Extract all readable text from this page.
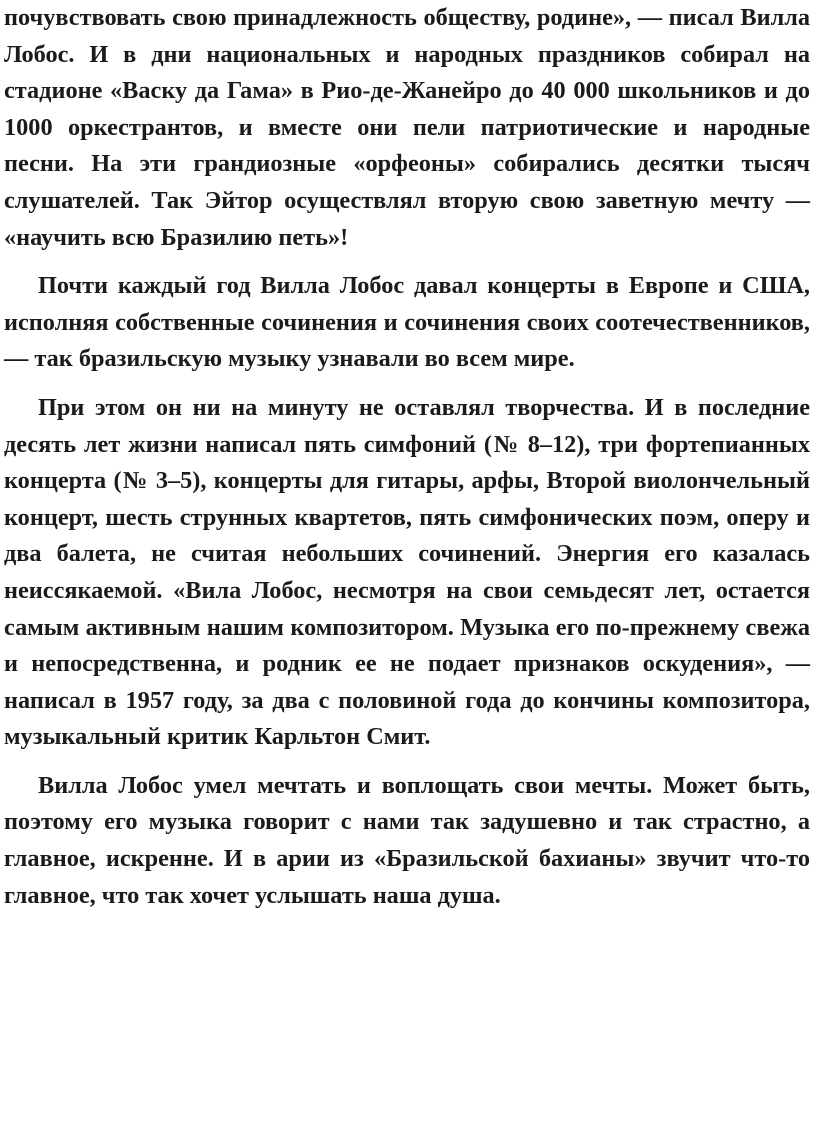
почувствовать свою принадлежность обществу, родине», — писал Вилла Лобос. И в дни национальных и народных праздников собирал на стадионе «Васку да Гама» в Рио-де-Жанейро до 40 000 школьников и до 1000 оркестрантов, и вместе они пели патриотические и народные песни. На эти грандиозные «орфеоны» собирались десятки тысяч слушателей. Так Эйтор осуществлял вторую свою заветную мечту — «научить всю Бразилию петь»!

Почти каждый год Вилла Лобос давал концерты в Европе и США, исполняя собственные сочинения и сочинения своих соотечественников, — так бразильскую музыку узнавали во всем мире.

При этом он ни на минуту не оставлял творчества. И в последние десять лет жизни написал пять симфоний (№ 8–12), три фортепианных концерта (№ 3–5), концерты для гитары, арфы, Второй виолончельный концерт, шесть струнных квартетов, пять симфонических поэм, оперу и два балета, не считая небольших сочинений. Энергия его казалась неиссякаемой. «Вила Лобос, несмотря на свои семьдесят лет, остается самым активным нашим композитором. Музыка его по-прежнему свежа и непосредственна, и родник ее не подает признаков оскудения», — написал в 1957 году, за два с половиной года до кончины композитора, музыкальный критик Карльтон Смит.

Вилла Лобос умел мечтать и воплощать свои мечты. Может быть, поэтому его музыка говорит с нами так задушевно и так страстно, а главное, искренне. И в арии из «Бразильской бахианы» звучит что-то главное, что так хочет услышать наша душа.
